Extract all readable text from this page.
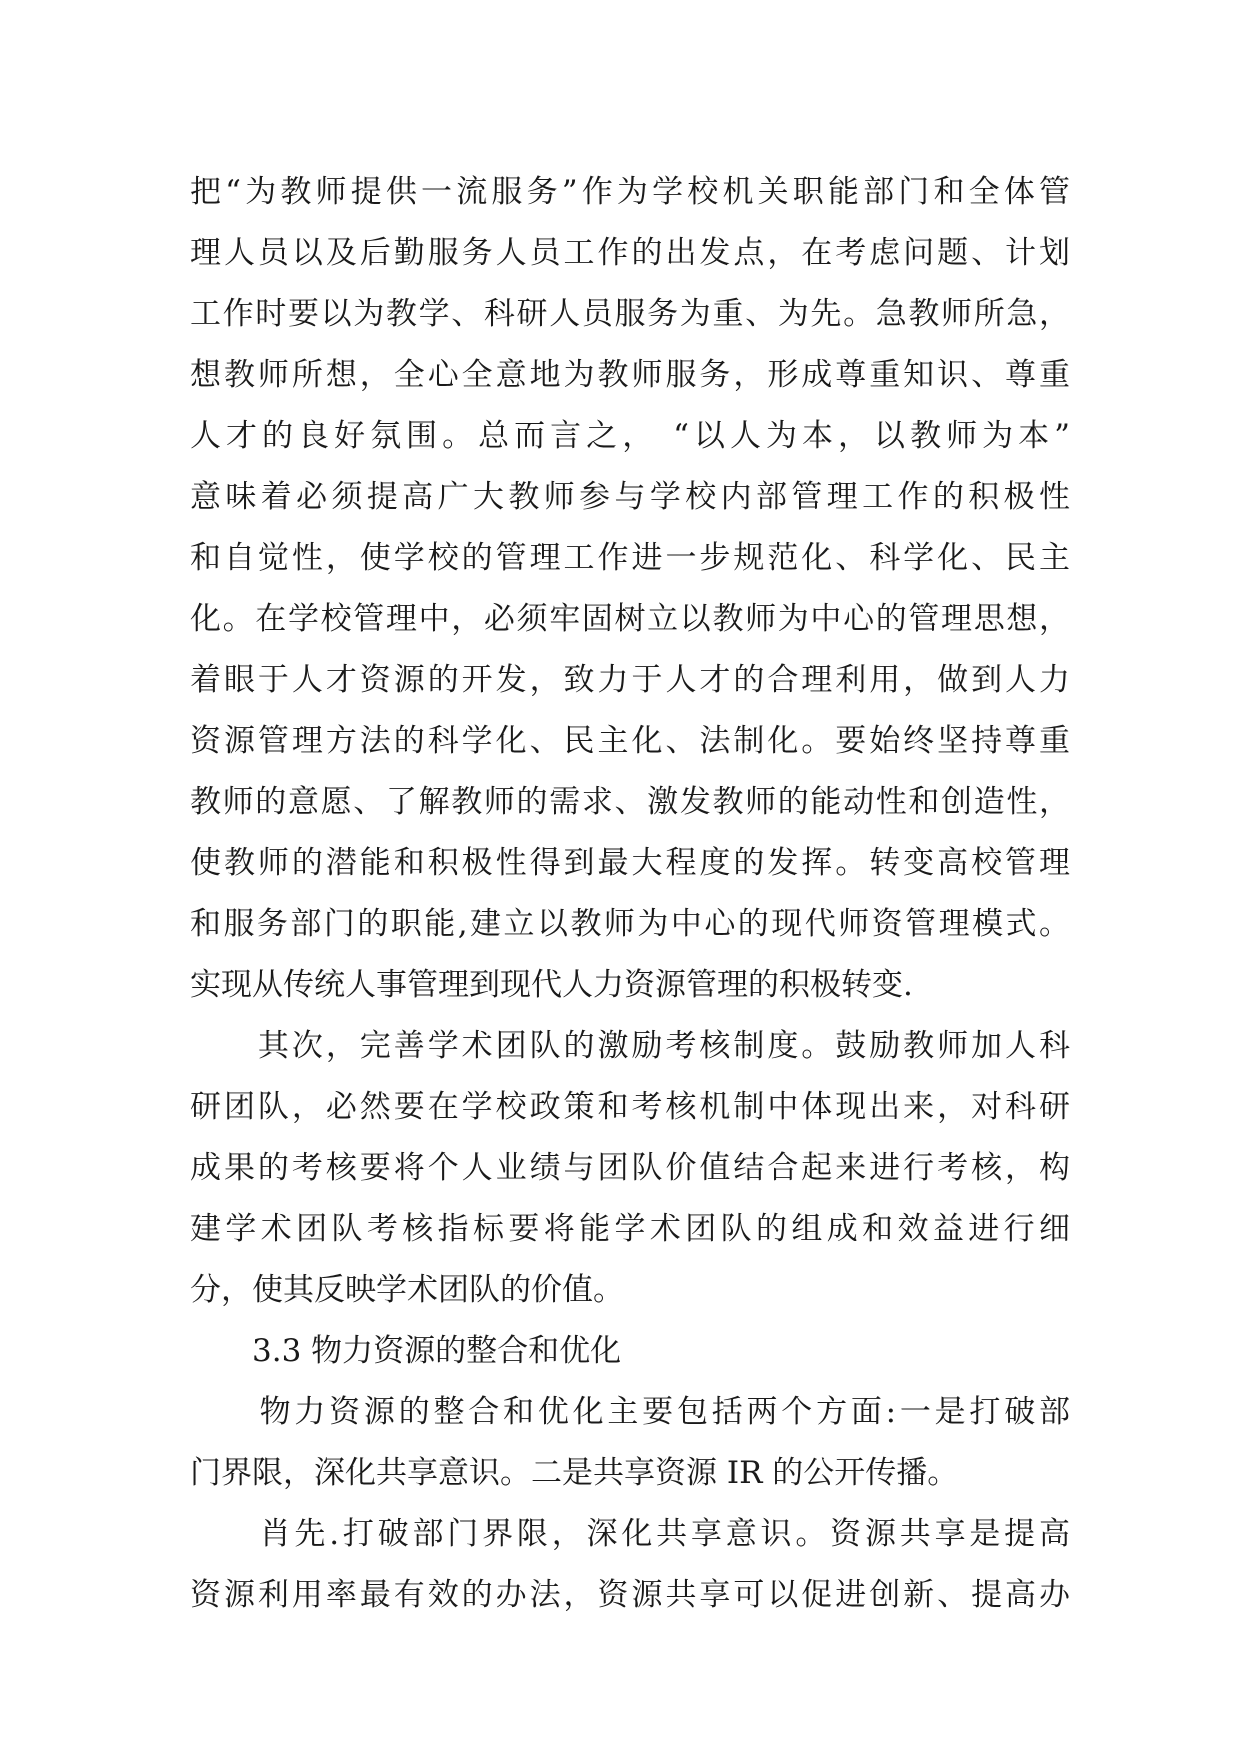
把“为教师提供一流服务”作为学校机关职能部门和全体管
理人员以及后勤服务人员工作的出发点，在考虑问题、计划
工作时要以为教学、科研人员服务为重、为先。急教师所急，
想教师所想，全心全意地为教师服务，形成尊重知识、尊重
人才的良好氛围。总而言之， “以人为本，以教师为本”
意味着必须提高广大教师参与学校内部管理工作的积极性
和自觉性，使学校的管理工作进一步规范化、科学化、民主
化。在学校管理中，必须牢固树立以教师为中心的管理思想，
着眼于人才资源的开发，致力于人才的合理利用，做到人力
资源管理方法的科学化、民主化、法制化。要始终坚持尊重
教师的意愿、了解教师的需求、激发教师的能动性和创造性，
使教师的潜能和积极性得到最大程度的发挥。转变高校管理
和服务部门的职能,建立以教师为中心的现代师资管理模式。
实现从传统人事管理到现代人力资源管理的积极转变.
　　其次，完善学术团队的激励考核制度。鼓励教师加人科
研团队，必然要在学校政策和考核机制中体现出来，对科研
成果的考核要将个人业绩与团队价值结合起来进行考核，构
建学术团队考核指标要将能学术团队的组成和效益进行细
分，使其反映学术团队的价值。
　　3.3 物力资源的整合和优化
　　物力资源的整合和优化主要包括两个方面:一是打破部
门界限，深化共享意识。二是共享资源 IR 的公开传播。
　　肖先.打破部门界限，深化共享意识。资源共享是提高
资源利用率最有效的办法，资源共享可以促进创新、提高办
